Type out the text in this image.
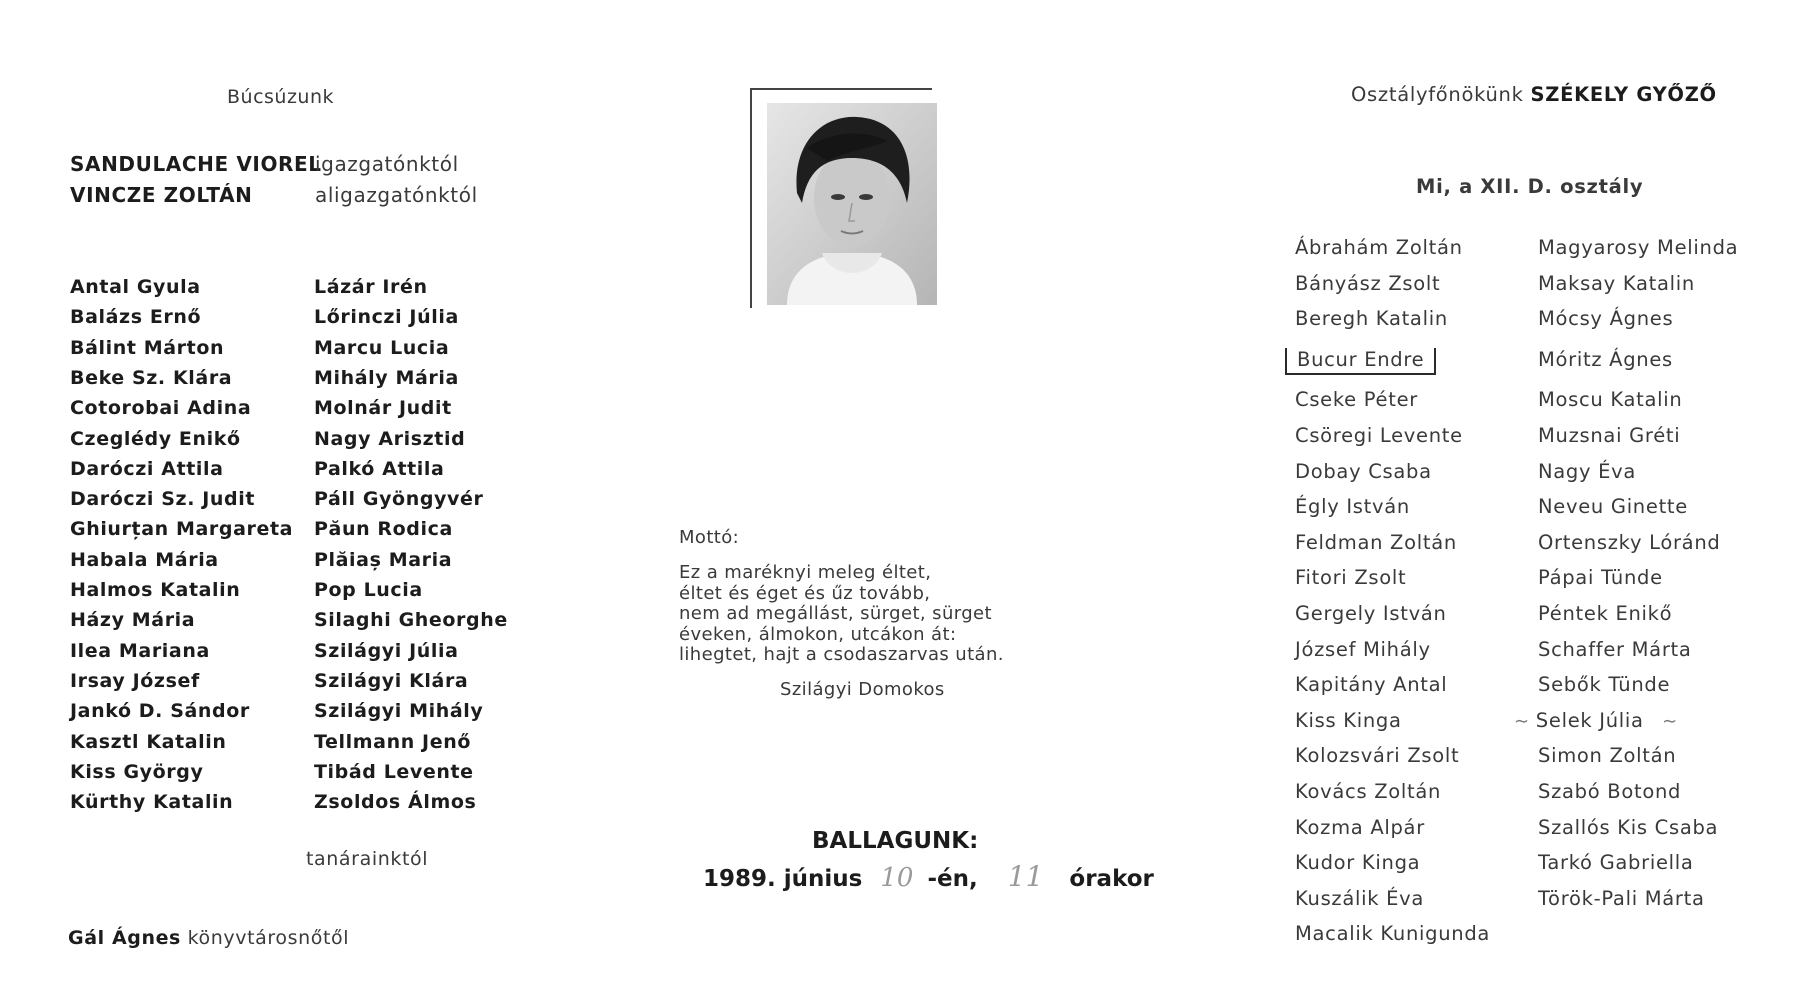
Búcsúzunk
SANDULACHE VIOREL
igazgatónktól
VINCZE ZOLTÁN	aligazgatónktól
Antal Gyula
Balázs Ernő
Bálint Márton
Beke Sz. Klára
Cotorobai Adina
Czeglédy Enikő
Daróczi Attila
Daróczi Sz. Judit
Ghiurțan Margareta
Habala Mária
Halmos Katalin
Házy Mária
Ilea Mariana
Irsay József
Jankó D. Sándor
Kasztl Katalin
Kiss György
Kürthy Katalin
Lázár Irén
Lőrinczi Júlia
Marcu Lucia
Mihály Mária
Molnár Judit
Nagy Arisztid
Palkó Attila
Páll Gyöngyvér
Păun Rodica
Plăiaș Maria
Pop Lucia
Silaghi Gheorghe
Szilágyi Júlia
Szilágyi Klára
Szilágyi Mihály
Tellmann Jenő
Tibád Levente
Zsoldos Álmos
tanárainktól
Gál Ágnes könyvtárosnőtől
Mottó:
Ez a maréknyi meleg éltet,
éltet és éget és űz tovább,
nem ad megállást, sürget, sürget
éveken, álmokon, utcákon át:
lihegtet, hajt a csodaszarvas után.
Szilágyi Domokos
BALLAGUNK:
1989. június 10 -én, 11 órakor
Osztályfőnökünk SZÉKELY GYŐZŐ
Mi, a XII. D. osztály
Ábrahám Zoltán
Bányász Zsolt
Beregh Katalin
Bucur Endre
Cseke Péter
Csöregi Levente
Dobay Csaba
Égly István
Feldman Zoltán
Fitori Zsolt
Gergely István
József Mihály
Kapitány Antal
Kiss Kinga
Kolozsvári Zsolt
Kovács Zoltán
Kozma Alpár
Kudor Kinga
Kuszálik Éva
Macalik Kunigunda
Magyarosy Melinda
Maksay Katalin
Mócsy Ágnes
Móritz Ágnes
Moscu Katalin
Muzsnai Gréti
Nagy Éva
Neveu Ginette
Ortenszky Lóránd
Pápai Tünde
Péntek Enikő
Schaffer Márta
Sebők Tünde
∼ Selek Júlia ∼
Simon Zoltán
Szabó Botond
Szallós Kis Csaba
Tarkó Gabriella
Török-Pali Márta
